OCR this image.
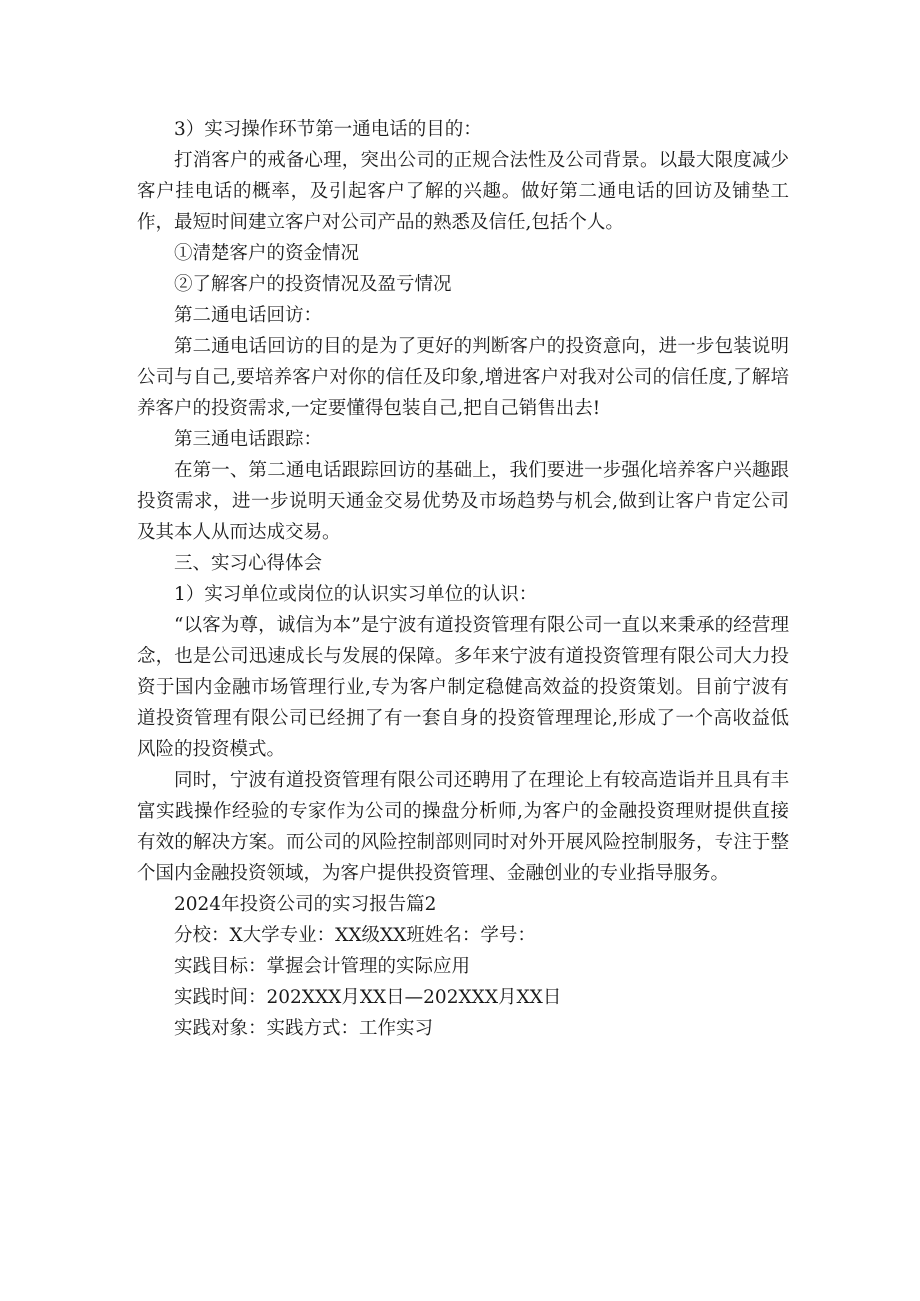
3）实习操作环节第一通电话的目的：

打消客户的戒备心理，突出公司的正规合法性及公司背景。以最大限度减少客户挂电话的概率，及引起客户了解的兴趣。做好第二通电话的回访及铺垫工作，最短时间建立客户对公司产品的熟悉及信任,包括个人。

①清楚客户的资金情况

②了解客户的投资情况及盈亏情况

第二通电话回访：

第二通电话回访的目的是为了更好的判断客户的投资意向，进一步包装说明公司与自己,要培养客户对你的信任及印象,增进客户对我对公司的信任度,了解培养客户的投资需求,一定要懂得包装自己,把自己销售出去!

第三通电话跟踪：

在第一、第二通电话跟踪回访的基础上，我们要进一步强化培养客户兴趣跟投资需求，进一步说明天通金交易优势及市场趋势与机会,做到让客户肯定公司及其本人从而达成交易。

三、实习心得体会

1）实习单位或岗位的认识实习单位的认识：

“以客为尊，诚信为本”是宁波有道投资管理有限公司一直以来秉承的经营理念，也是公司迅速成长与发展的保障。多年来宁波有道投资管理有限公司大力投资于国内金融市场管理行业,专为客户制定稳健高效益的投资策划。目前宁波有道投资管理有限公司已经拥了有一套自身的投资管理理论,形成了一个高收益低风险的投资模式。

同时，宁波有道投资管理有限公司还聘用了在理论上有较高造诣并且具有丰富实践操作经验的专家作为公司的操盘分析师,为客户的金融投资理财提供直接有效的解决方案。而公司的风险控制部则同时对外开展风险控制服务，专注于整个国内金融投资领域，为客户提供投资管理、金融创业的专业指导服务。

2024年投资公司的实习报告篇2

分校：X大学专业：XX级XX班姓名：学号：

实践目标：掌握会计管理的实际应用

实践时间：202XXX月XX日—202XXX月XX日

实践对象：实践方式：工作实习
